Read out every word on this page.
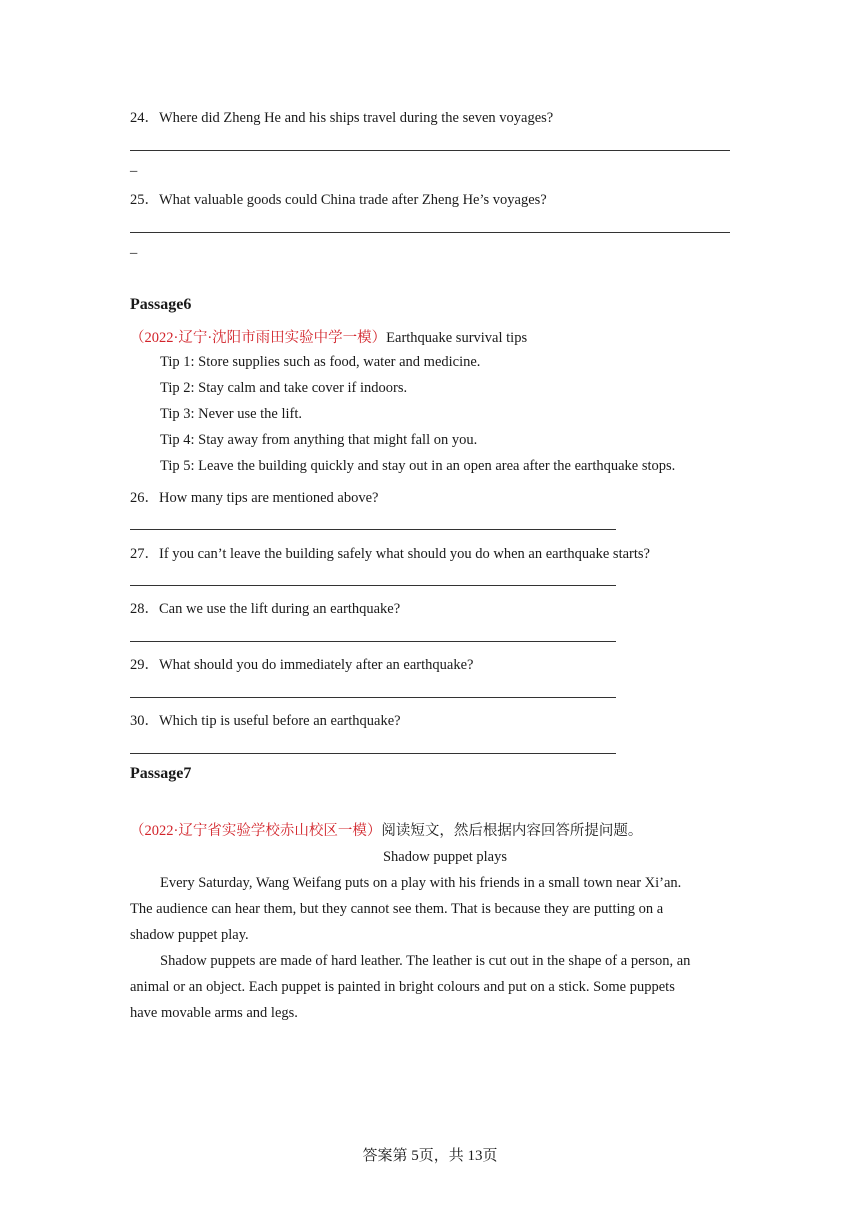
24．Where did Zheng He and his ships travel during the seven voyages?
–
25．What valuable goods could China trade after Zheng He’s voyages?
–
Passage6
（2022·辽宁·沈阳市雨田实验中学一模）Earthquake survival tips
Tip 1: Store supplies such as food, water and medicine.
Tip 2: Stay calm and take cover if indoors.
Tip 3: Never use the lift.
Tip 4: Stay away from anything that might fall on you.
Tip 5: Leave the building quickly and stay out in an open area after the earthquake stops.
26．How many tips are mentioned above?
27．If you can’t leave the building safely what should you do when an earthquake starts?
28．Can we use the lift during an earthquake?
29．What should you do immediately after an earthquake?
30．Which tip is useful before an earthquake?
Passage7
（2022·辽宁省实验学校赤山校区一模）阅读短文，然后根据内容回答所提问题。
Shadow puppet plays
Every Saturday, Wang Weifang puts on a play with his friends in a small town near Xi’an.
The audience can hear them, but they cannot see them. That is because they are putting on a
shadow puppet play.
Shadow puppets are made of hard leather. The leather is cut out in the shape of a person, an
animal or an object. Each puppet is painted in bright colours and put on a stick. Some puppets
have movable arms and legs.
答案第 5页，共 13页
